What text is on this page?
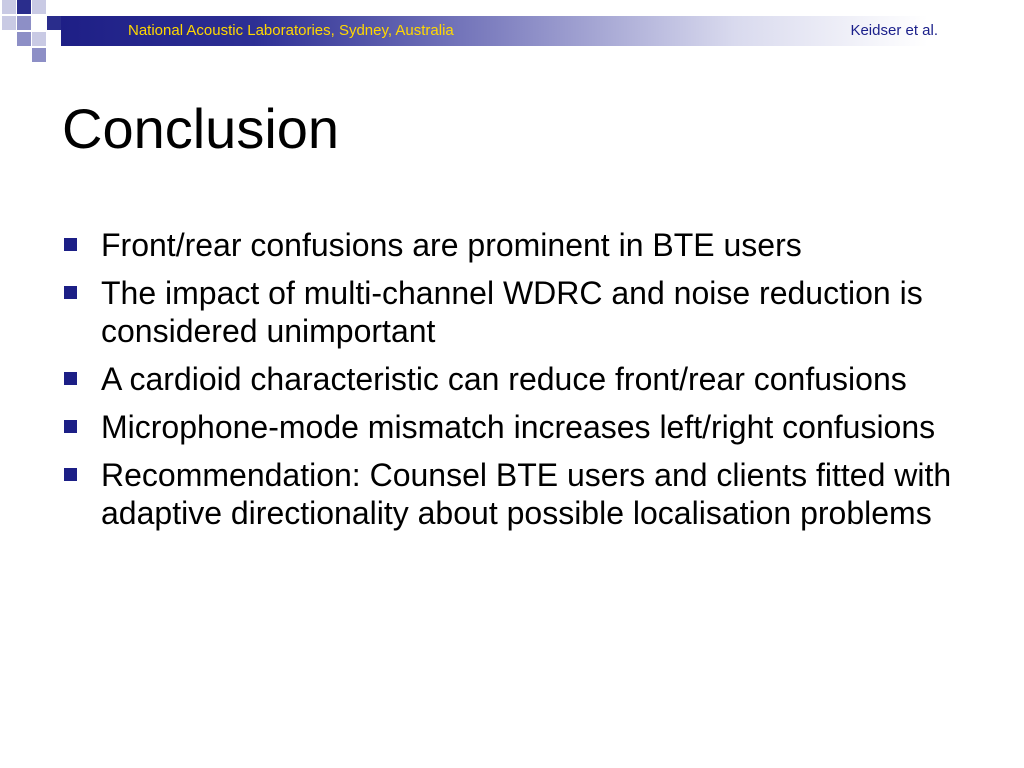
National Acoustic Laboratories, Sydney, Australia	Keidser et al.
Conclusion
Front/rear confusions are prominent in BTE users
The impact of multi-channel WDRC and noise reduction is considered unimportant
A cardioid characteristic can reduce front/rear confusions
Microphone-mode mismatch increases left/right confusions
Recommendation: Counsel BTE users and clients fitted with adaptive directionality about possible localisation problems
